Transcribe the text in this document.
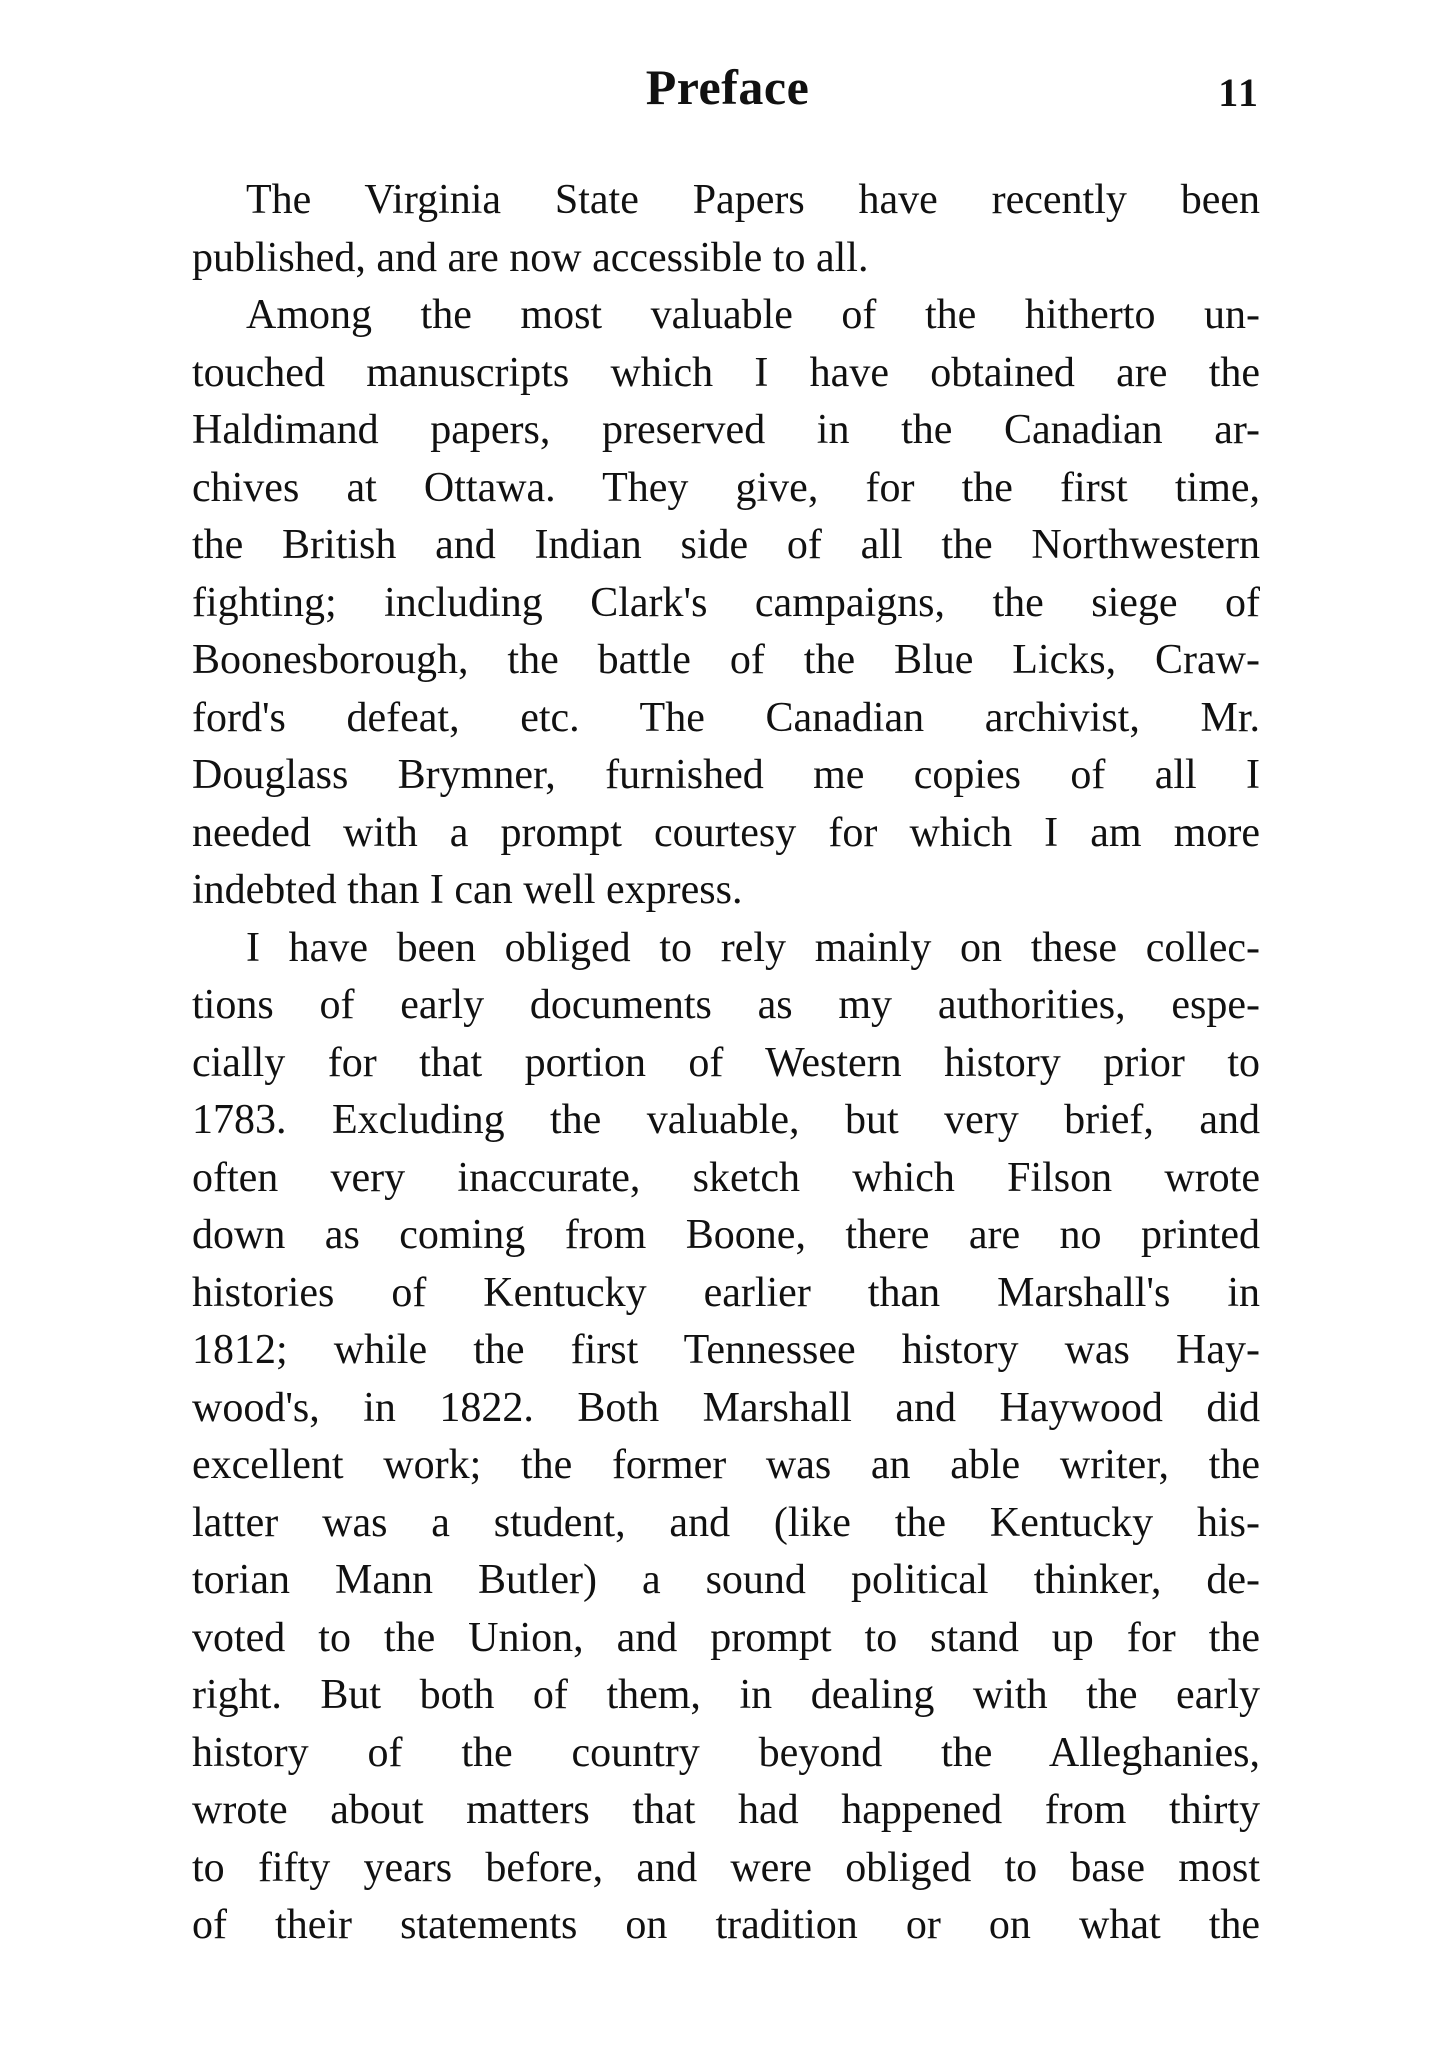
Preface	11
The Virginia State Papers have recently been
published, and are now accessible to all.
Among the most valuable of the hitherto un-
touched manuscripts which I have obtained are the
Haldimand papers, preserved in the Canadian ar-
chives at Ottawa. They give, for the first time,
the British and Indian side of all the Northwestern
fighting; including Clark's campaigns, the siege of
Boonesborough, the battle of the Blue Licks, Craw-
ford's defeat, etc. The Canadian archivist, Mr.
Douglass Brymner, furnished me copies of all I
needed with a prompt courtesy for which I am more
indebted than I can well express.
I have been obliged to rely mainly on these collec-
tions of early documents as my authorities, espe-
cially for that portion of Western history prior to
1783. Excluding the valuable, but very brief, and
often very inaccurate, sketch which Filson wrote
down as coming from Boone, there are no printed
histories of Kentucky earlier than Marshall's in
1812; while the first Tennessee history was Hay-
wood's, in 1822. Both Marshall and Haywood did
excellent work; the former was an able writer, the
latter was a student, and (like the Kentucky his-
torian Mann Butler) a sound political thinker, de-
voted to the Union, and prompt to stand up for the
right. But both of them, in dealing with the early
history of the country beyond the Alleghanies,
wrote about matters that had happened from thirty
to fifty years before, and were obliged to base most
of their statements on tradition or on what the
